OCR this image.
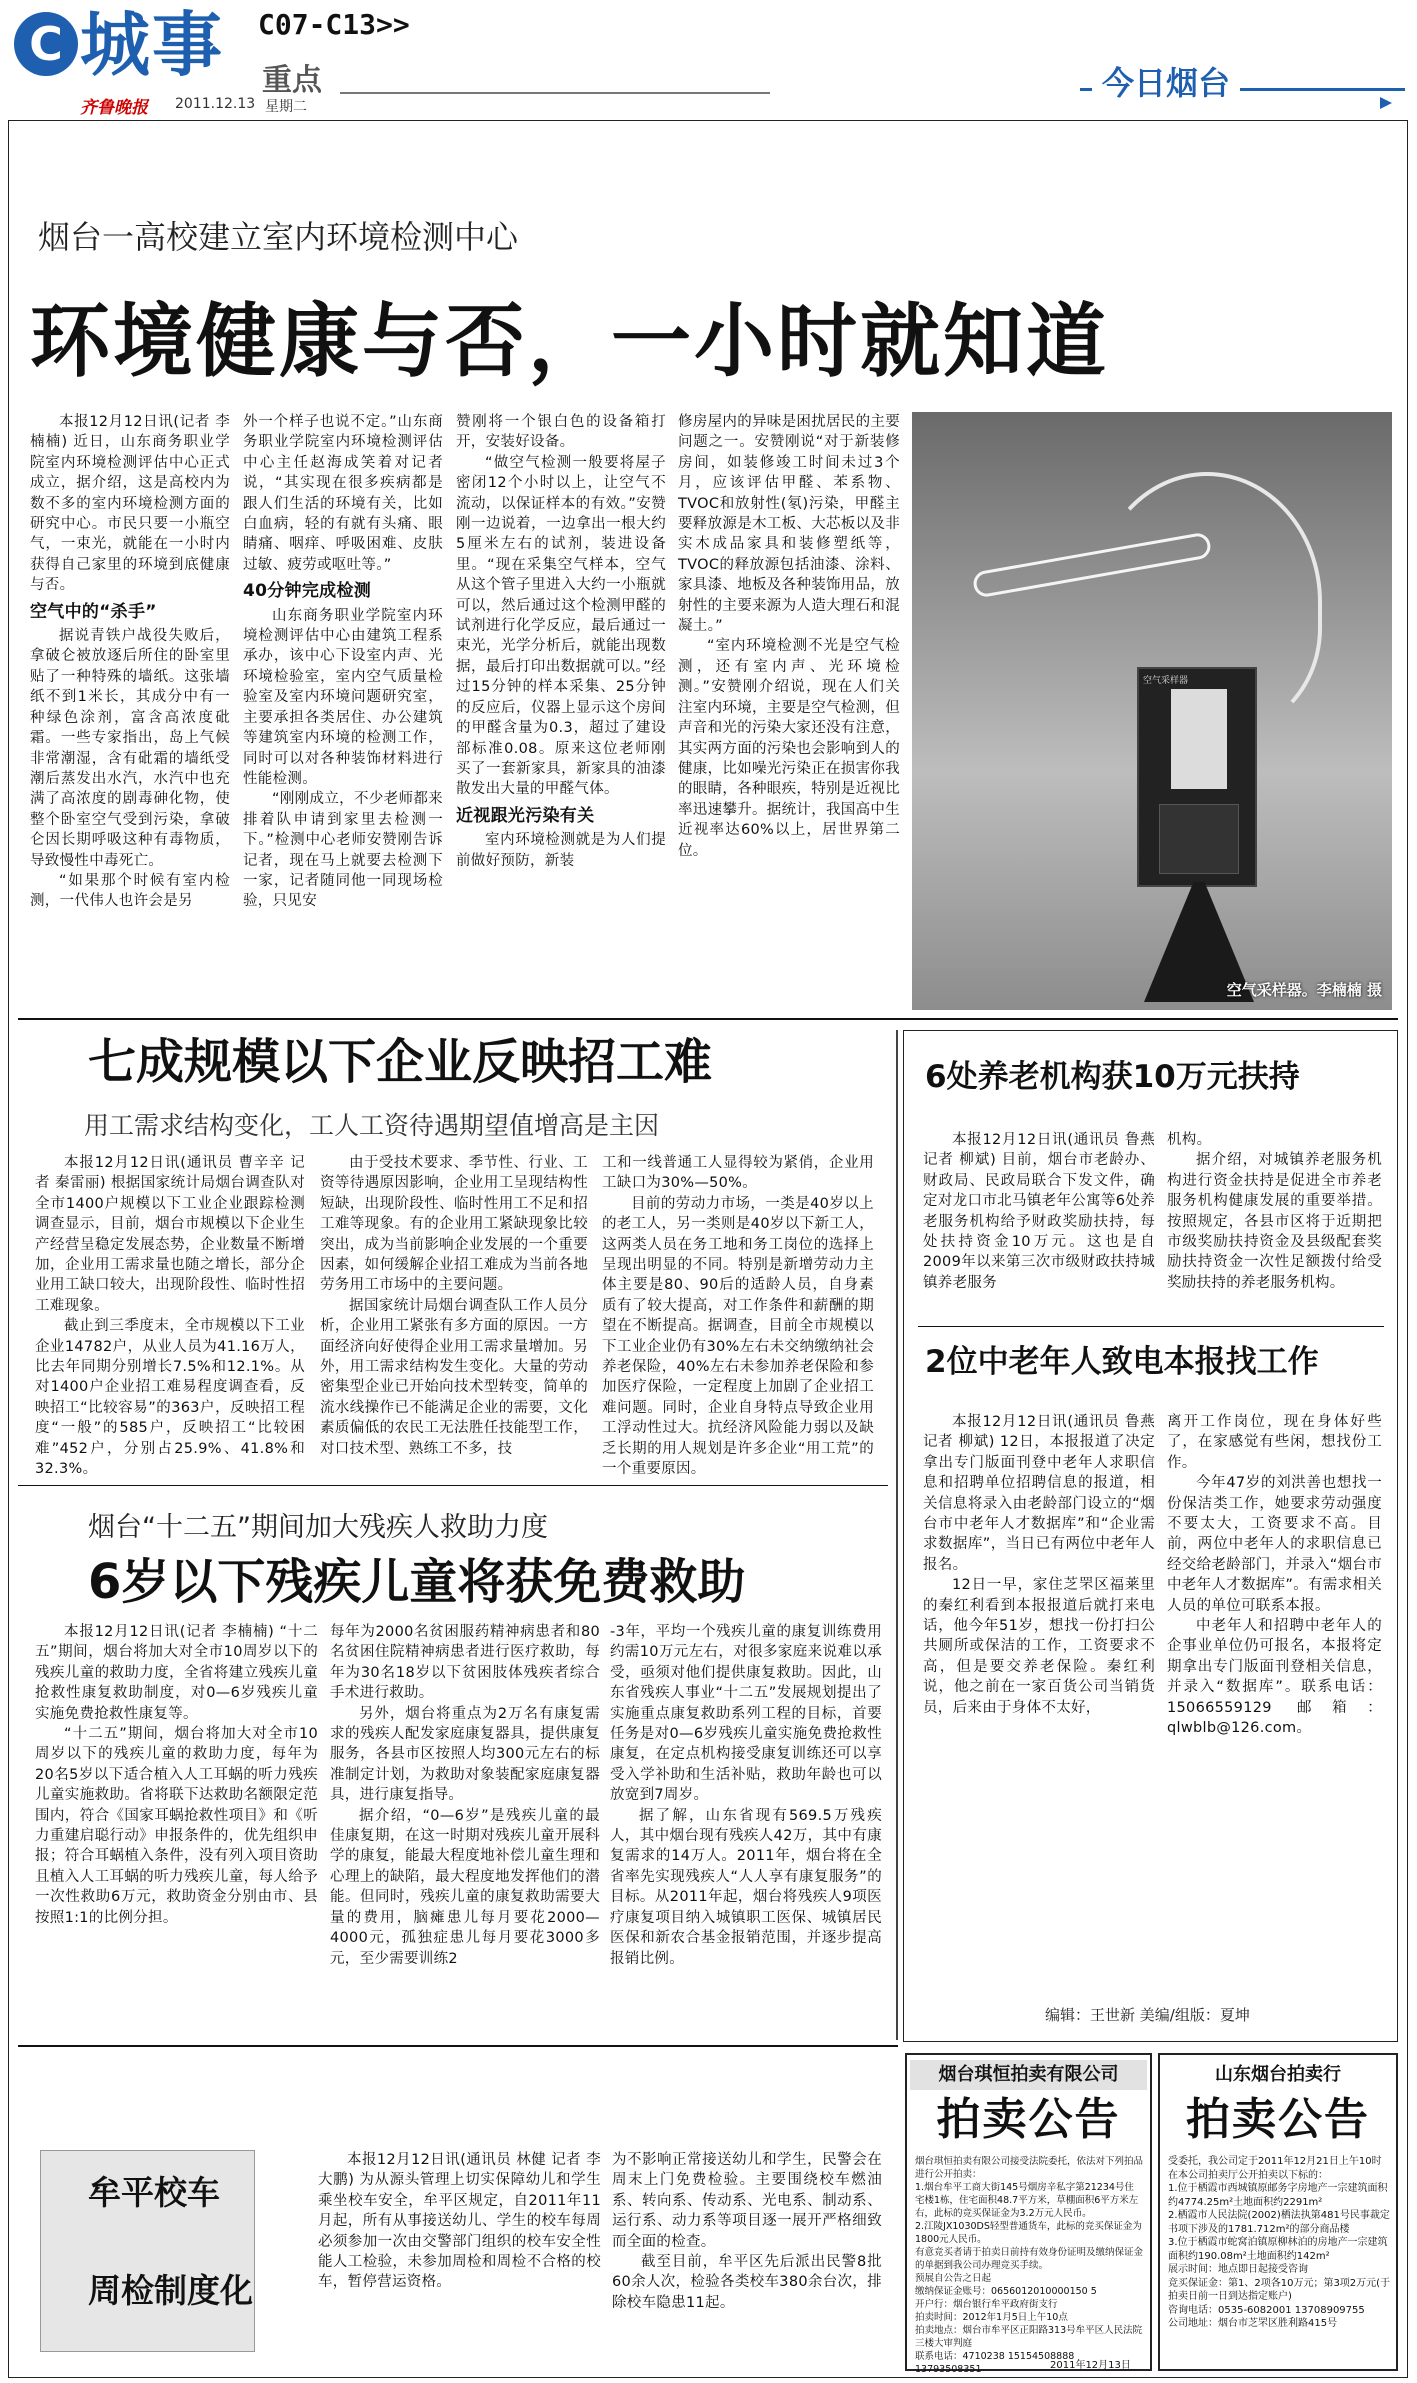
C 城事 C07-C13>>
重点
齐鲁晚报 2011.12.13 星期二
今日烟台
烟台一高校建立室内环境检测中心
环境健康与否，一小时就知道

本报12月12日讯(记者 李楠楠) 近日，山东商务职业学院室内环境检测评估中心正式成立，据介绍，这是高校内为数不多的室内环境检测方面的研究中心。市民只要一小瓶空气，一束光，就能在一小时内获得自己家里的环境到底健康与否。

空气中的“杀手”

据说青铁户战役失败后，拿破仑被放逐后所住的卧室里贴了一种特殊的墙纸。这张墙纸不到1米长，其成分中有一种绿色涂剂，富含高浓度砒霜。一些专家指出，岛上气候非常潮湿，含有砒霜的墙纸受潮后蒸发出水汽，水汽中也充满了高浓度的剧毒砷化物，使整个卧室空气受到污染，拿破仑因长期呼吸这种有毒物质，导致慢性中毒死亡。

“如果那个时候有室内检测，一代伟人也许会是另

外一个样子也说不定。”山东商务职业学院室内环境检测评估中心主任赵海成笑着对记者说，“其实现在很多疾病都是跟人们生活的环境有关，比如白血病，轻的有就有头痛、眼睛痛、咽痒、呼吸困难、皮肤过敏、疲劳或呕吐等。”

40分钟完成检测

山东商务职业学院室内环境检测评估中心由建筑工程系承办，该中心下设室内声、光环境检验室，室内空气质量检验室及室内环境问题研究室，主要承担各类居住、办公建筑等建筑室内环境的检测工作，同时可以对各种装饰材料进行性能检测。

“刚刚成立，不少老师都来排着队申请到家里去检测一下。”检测中心老师安赞刚告诉记者，现在马上就要去检测下一家，记者随同他一同现场检验，只见安

赞刚将一个银白色的设备箱打开，安装好设备。

“做空气检测一般要将屋子密闭12个小时以上，让空气不流动，以保证样本的有效。”安赞刚一边说着，一边拿出一根大约5厘米左右的试剂，装进设备里。“现在采集空气样本，空气从这个管子里进入大约一小瓶就可以，然后通过这个检测甲醛的试剂进行化学反应，最后通过一束光，光学分析后，就能出现数据，最后打印出数据就可以。”经过15分钟的样本采集、25分钟的反应后，仪器上显示这个房间的甲醛含量为0.3，超过了建设部标准0.08。原来这位老师刚买了一套新家具，新家具的油漆散发出大量的甲醛气体。

近视跟光污染有关

室内环境检测就是为人们提前做好预防，新装

修房屋内的异味是困扰居民的主要问题之一。安赞刚说“对于新装修房间，如装修竣工时间未过3个月，应该评估甲醛、苯系物、TVOC和放射性(氡)污染，甲醛主要释放源是木工板、大芯板以及非实木成品家具和装修塑纸等，TVOC的释放源包括油漆、涂料、家具漆、地板及各种装饰用品，放射性的主要来源为人造大理石和混凝土。”

“室内环境检测不光是空气检测，还有室内声、光环境检测。”安赞刚介绍说，现在人们关注室内环境，主要是空气检测，但声音和光的污染大家还没有注意，其实两方面的污染也会影响到人的健康，比如噪光污染正在损害你我的眼睛，各种眼疾，特别是近视比率迅速攀升。据统计，我国高中生近视率达60%以上，居世界第二位。

空气采样器
空气采样器。李楠楠 摄
七成规模以下企业反映招工难
用工需求结构变化，工人工资待遇期望值增高是主因

本报12月12日讯(通讯员 曹辛辛 记者 秦雷丽) 根据国家统计局烟台调查队对全市1400户规模以下工业企业跟踪检测调查显示，目前，烟台市规模以下企业生产经营呈稳定发展态势，企业数量不断增加，企业用工需求量也随之增长，部分企业用工缺口较大，出现阶段性、临时性招工难现象。

截止到三季度末，全市规模以下工业企业14782户，从业人员为41.16万人，比去年同期分别增长7.5%和12.1%。从对1400户企业招工难易程度调查看，反映招工“比较容易”的363户，反映招工程度“一般”的585户，反映招工“比较困难”452户，分别占25.9%、41.8%和32.3%。

由于受技术要求、季节性、行业、工资等待遇原因影响，企业用工呈现结构性短缺，出现阶段性、临时性用工不足和招工难等现象。有的企业用工紧缺现象比较突出，成为当前影响企业发展的一个重要因素，如何缓解企业招工难成为当前各地劳务用工市场中的主要问题。

据国家统计局烟台调查队工作人员分析，企业用工紧张有多方面的原因。一方面经济向好使得企业用工需求量增加。另外，用工需求结构发生变化。大量的劳动密集型企业已开始向技术型转变，简单的流水线操作已不能满足企业的需要，文化素质偏低的农民工无法胜任技能型工作，对口技术型、熟练工不多，技

工和一线普通工人显得较为紧俏，企业用工缺口为30%—50%。

目前的劳动力市场，一类是40岁以上的老工人，另一类则是40岁以下新工人，这两类人员在务工地和务工岗位的选择上呈现出明显的不同。特别是新增劳动力主体主要是80、90后的适龄人员，自身素质有了较大提高，对工作条件和薪酬的期望在不断提高。据调查，目前全市规模以下工业企业仍有30%左右未交纳缴纳社会养老保险，40%左右未参加养老保险和参加医疗保险，一定程度上加剧了企业招工难问题。同时，企业自身特点导致企业用工浮动性过大。抗经济风险能力弱以及缺乏长期的用人规划是许多企业“用工荒”的一个重要原因。

6处养老机构获10万元扶持

本报12月12日讯(通讯员 鲁燕 记者 柳斌) 目前，烟台市老龄办、财政局、民政局联合下发文件，确定对龙口市北马镇老年公寓等6处养老服务机构给予财政奖励扶持，每处扶持资金10万元。这也是自2009年以来第三次市级财政扶持城镇养老服务

机构。

据介绍，对城镇养老服务机构进行资金扶持是促进全市养老服务机构健康发展的重要举措。按照规定，各县市区将于近期把市级奖励扶持资金及县级配套奖励扶持资金一次性足额拨付给受奖励扶持的养老服务机构。

2位中老年人致电本报找工作

本报12月12日讯(通讯员 鲁燕 记者 柳斌) 12日，本报报道了决定拿出专门版面刊登中老年人求职信息和招聘单位招聘信息的报道，相关信息将录入由老龄部门设立的“烟台市中老年人才数据库”和“企业需求数据库”，当日已有两位中老年人报名。

12日一早，家住芝罘区福莱里的秦红利看到本报报道后就打来电话，他今年51岁，想找一份打扫公共厕所或保洁的工作，工资要求不高，但是要交养老保险。秦红利说，他之前在一家百货公司当销货员，后来由于身体不太好，

离开工作岗位，现在身体好些了，在家感觉有些闲，想找份工作。

今年47岁的刘洪善也想找一份保洁类工作，她要求劳动强度不要太大，工资要求不高。目前，两位中老年人的求职信息已经交给老龄部门，并录入“烟台市中老年人才数据库”。有需求相关人员的单位可联系本报。

中老年人和招聘中老年人的企事业单位仍可报名，本报将定期拿出专门版面刊登相关信息，并录入“数据库”。联系电话：15066559129 邮箱：qlwblb@126.com。

编辑：王世新 美编/组版：夏坤
烟台“十二五”期间加大残疾人救助力度
6岁以下残疾儿童将获免费救助

本报12月12日讯(记者 李楠楠) “十二五”期间，烟台将加大对全市10周岁以下的残疾儿童的救助力度，全省将建立残疾儿童抢救性康复救助制度，对0—6岁残疾儿童实施免费抢救性康复等。

“十二五”期间，烟台将加大对全市10周岁以下的残疾儿童的救助力度，每年为20名5岁以下适合植入人工耳蜗的听力残疾儿童实施救助。省将联下达救助名额限定范围内，符合《国家耳蜗抢救性项目》和《听力重建启聪行动》申报条件的，优先组织申报；符合耳蜗植入条件，没有列入项目资助且植入人工耳蜗的听力残疾儿童，每人给予一次性救助6万元，救助资金分别由市、县按照1:1的比例分担。

每年为2000名贫困服药精神病患者和80名贫困住院精神病患者进行医疗救助，每年为30名18岁以下贫困肢体残疾者综合手术进行救助。

另外，烟台将重点为2万名有康复需求的残疾人配发家庭康复器具，提供康复服务，各县市区按照人均300元左右的标准制定计划，为救助对象装配家庭康复器具，进行康复指导。

据介绍，“0—6岁”是残疾儿童的最佳康复期，在这一时期对残疾儿童开展科学的康复，能最大程度地补偿儿童生理和心理上的缺陷，最大程度地发挥他们的潜能。但同时，残疾儿童的康复救助需要大量的费用，脑瘫患儿每月要花2000—4000元，孤独症患儿每月要花3000多元，至少需要训练2

-3年，平均一个残疾儿童的康复训练费用约需10万元左右，对很多家庭来说难以承受，亟须对他们提供康复救助。因此，山东省残疾人事业“十二五”发展规划提出了实施重点康复救助系列工程的目标，首要任务是对0—6岁残疾儿童实施免费抢救性康复，在定点机构接受康复训练还可以享受入学补助和生活补贴，救助年龄也可以放宽到7周岁。

据了解，山东省现有569.5万残疾人，其中烟台现有残疾人42万，其中有康复需求的14万人。2011年，烟台将在全省率先实现残疾人“人人享有康复服务”的目标。从2011年起，烟台将残疾人9项医疗康复项目纳入城镇职工医保、城镇居民医保和新农合基金报销范围，并逐步提高报销比例。

牟平校车
周检制度化

本报12月12日讯(通讯员 林健 记者 李大鹏) 为从源头管理上切实保障幼儿和学生乘坐校车安全，牟平区规定，自2011年11月起，所有从事接送幼儿、学生的校车每周必须参加一次由交警部门组织的校车安全性能人工检验，未参加周检和周检不合格的校车，暂停营运资格。

为不影响正常接送幼儿和学生，民警会在周末上门免费检验。主要围绕校车燃油系、转向系、传动系、光电系、制动系、运行系、动力系等项目逐一展开严格细致而全面的检查。

截至目前，牟平区先后派出民警8批60余人次，检验各类校车380余台次，排除校车隐患11起。

烟台琪恒拍卖有限公司
拍卖公告
烟台琪恒拍卖有限公司接受法院委托，依法对下列拍品进行公开拍卖：
1.烟台牟平工商大街145号烟房辛私字第21234号住宅楼1栋，住宅面积48.7平方米，草棚面积6平方米左右，此标的竞买保证金为3.2万元人民币。
2.江陵JX1030DS轻型普通货车，此标的竞买保证金为1800元人民币。
有意竞买者请于拍卖日前持有效身份证明及缴纳保证金的单据到我公司办理竞买手续。
预展自公告之日起
缴纳保证金账号：0656012010000150 5
开户行：烟台银行牟平政府街支行
拍卖时间：2012年1月5日上午10点
拍卖地点：烟台市牟平区正阳路313号牟平区人民法院三楼大审判庭
联系电话：4710238 15154508888 13793508351	2011年12月13日
山东烟台拍卖行
拍卖公告
受委托，我公司定于2011年12月21日上午10时在本公司拍卖厅公开拍卖以下标的：
1.位于栖霞市西城镇原邮务字房地产一宗建筑面积约4774.25m²土地面积约2291m²
2.栖霞市人民法院(2002)栖法执第481号民事裁定书项下涉及的1781.712m²的部分商品楼
3.位于栖霞市蛇窝泊镇原柳林泊的房地产一宗建筑面积约190.08m²土地面积约142m²
展示时间：地点即日起接受咨询
竞买保证金：第1、2项各10万元；第3项2万元(于拍卖日前一日到达指定账户)
咨询电话：0535-6082001 13708909755
公司地址：烟台市芝罘区胜利路415号
